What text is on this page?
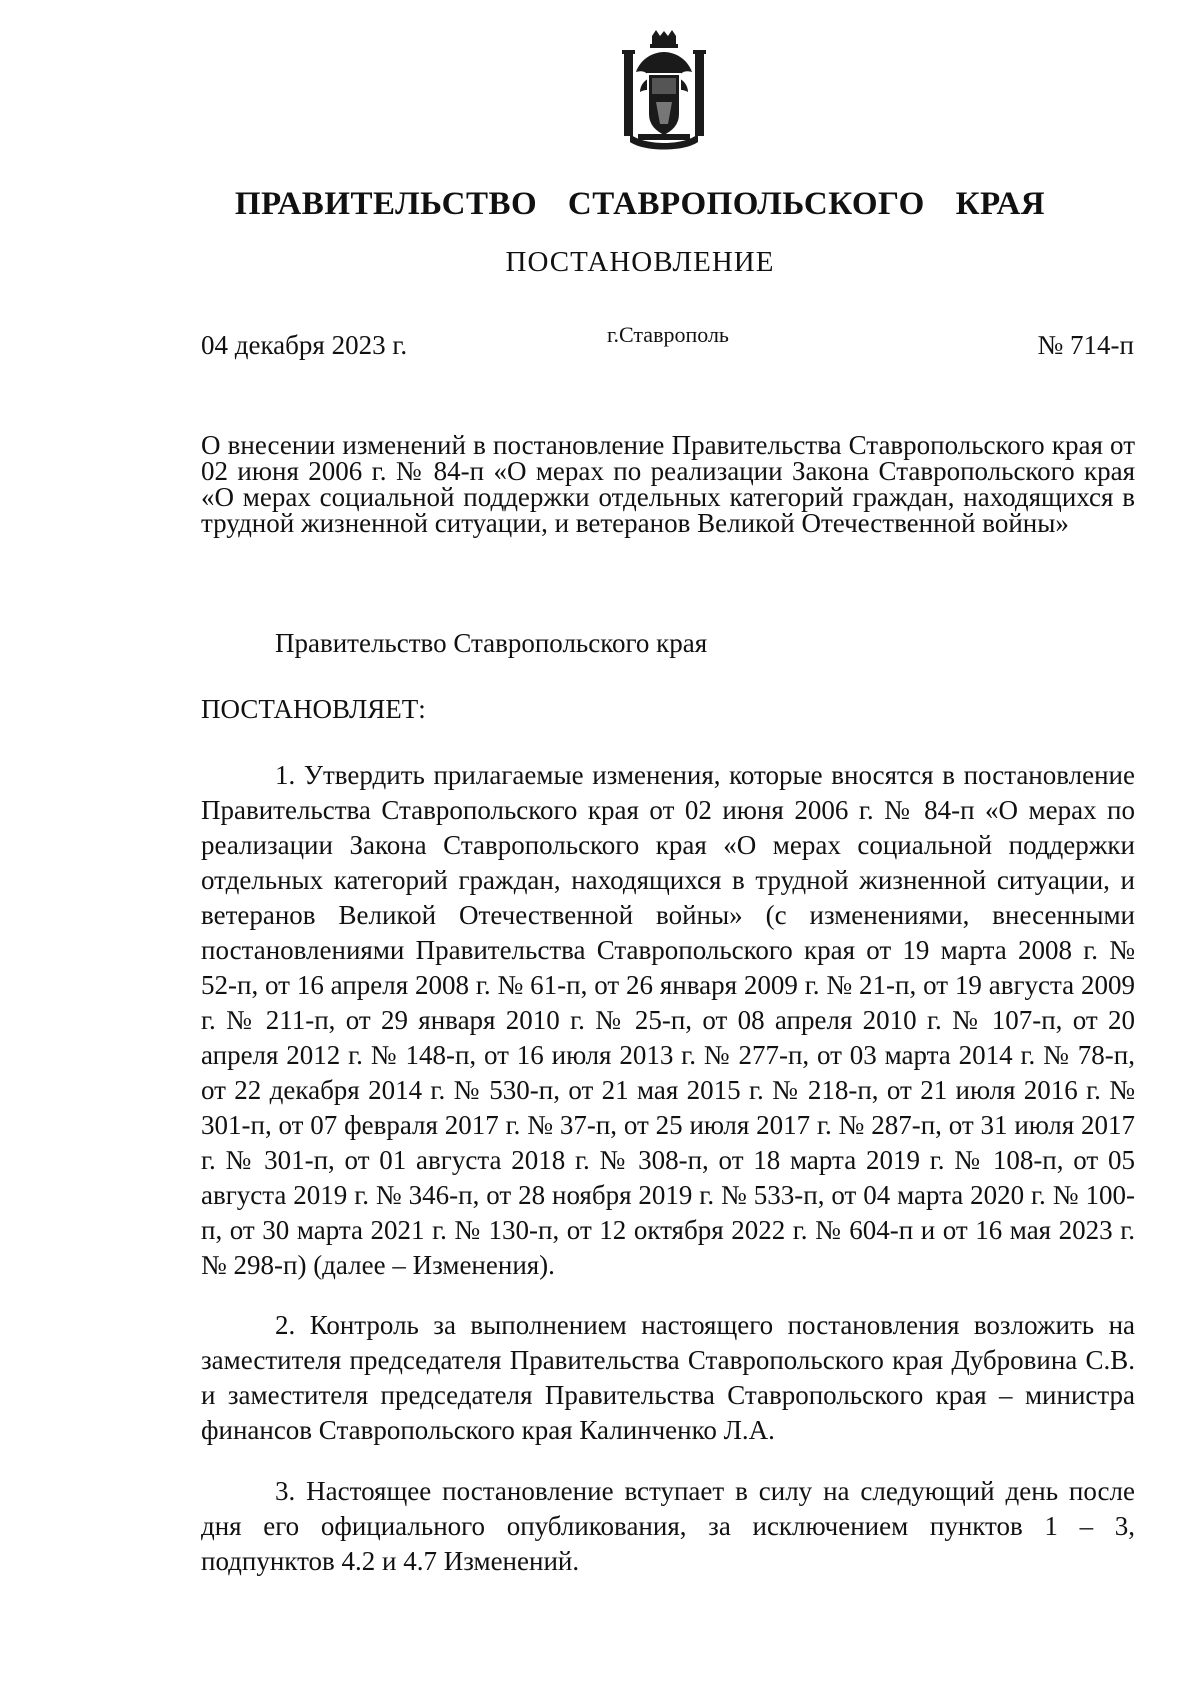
ПРАВИТЕЛЬСТВО СТАВРОПОЛЬСКОГО КРАЯ
ПОСТАНОВЛЕНИЕ
04 декабря 2023 г.	г.Ставрополь	№ 714-п
О внесении изменений в постановление Правительства Ставропольского края от 02 июня 2006 г. № 84-п «О мерах по реализации Закона Ставропольского края «О мерах социальной поддержки отдельных категорий граждан, находящихся в трудной жизненной ситуации, и ветеранов Великой Отечественной войны»
Правительство Ставропольского края
ПОСТАНОВЛЯЕТ:
1. Утвердить прилагаемые изменения, которые вносятся в постановление Правительства Ставропольского края от 02 июня 2006 г. № 84-п «О мерах по реализации Закона Ставропольского края «О мерах социальной поддержки отдельных категорий граждан, находящихся в трудной жизненной ситуации, и ветеранов Великой Отечественной войны» (с изменениями, внесенными постановлениями Правительства Ставропольского края от 19 марта 2008 г. № 52-п, от 16 апреля 2008 г. № 61-п, от 26 января 2009 г. № 21-п, от 19 августа 2009 г. № 211-п, от 29 января 2010 г. № 25-п, от 08 апреля 2010 г. № 107-п, от 20 апреля 2012 г. № 148-п, от 16 июля 2013 г. № 277-п, от 03 марта 2014 г. № 78-п, от 22 декабря 2014 г. № 530-п, от 21 мая 2015 г. № 218-п, от 21 июля 2016 г. № 301-п, от 07 февраля 2017 г. № 37-п, от 25 июля 2017 г. № 287-п, от 31 июля 2017 г. № 301-п, от 01 августа 2018 г. № 308-п, от 18 марта 2019 г. № 108-п, от 05 августа 2019 г. № 346-п, от 28 ноября 2019 г. № 533-п, от 04 марта 2020 г. № 100-п, от 30 марта 2021 г. № 130-п, от 12 октября 2022 г. № 604-п и от 16 мая 2023 г. № 298-п) (далее – Изменения).
2. Контроль за выполнением настоящего постановления возложить на заместителя председателя Правительства Ставропольского края Дубровина С.В. и заместителя председателя Правительства Ставропольского края – министра финансов Ставропольского края Калинченко Л.А.
3. Настоящее постановление вступает в силу на следующий день после дня его официального опубликования, за исключением пунктов 1 – 3, подпунктов 4.2 и 4.7 Изменений.
